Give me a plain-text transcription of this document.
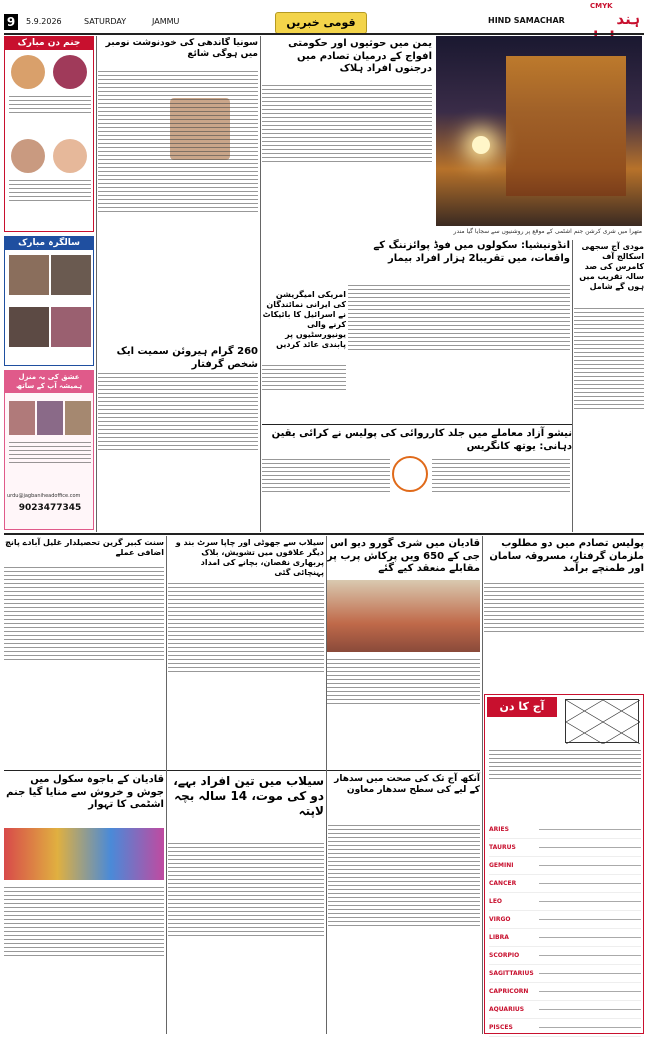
CMYK
9	5.9.2026	SATURDAY	JAMMU	قومی خبریں	HIND SAMACHAR	ہند
جنم دن مبارک
سالگرہ مبارک
عشق کی یہ منزل ہمیشہ آپ کے ساتھ
urdu@jagbaniheadoffice.com
9023477345
سونیا گاندھی کی خودنوشت نومبر میں ہوگی شائع
یمن میں حوثیوں اور حکومتی افواج کے درمیان تصادم میں درجنوں افراد ہلاک
متھرا میں شری کرشن جنم اشٹمی کے موقع پر روشنیوں سے سجایا گیا مندر
مودی آج سجھی اسکالج آف کامرس کی صد سالہ تقریب میں ہوں گے شامل
انڈونیشیا: سکولوں میں فوڈ پوائزننگ کے واقعات، میں تقریبا2 ہزار افراد بیمار
امریکی امیگریشن کی ایرانی نمائندگان نے اسرائیل کا بائیکاٹ کرنے والی یونیورسٹیوں پر پابندی عائد کردیں
260 گرام ہیروئن سمیت ایک شخص گرفتار
نیشو آزاد معاملے میں جلد کارروائی کی پولیس نے کرائی یقین دہانی: یوتھ کانگریس
پولیس تصادم میں دو مطلوب ملزمان گرفتار، مسروقہ سامان اور طمنچے برآمد
آج کا دن
ARIES
TAURUS
GEMINI
CANCER
LEO
VIRGO
LIBRA
SCORPIO
SAGITTARIUS
CAPRICORN
AQUARIUS
PISCES
قادیان میں شری گورو دیو اس جی کے 650 ویں پرکاش پرب پر مقابلے منعقد کیے گئے
سیلاب سے جھوٹی اور چاپا سرٹ بند و دیگر علاقوں میں تشویش، بلاک پربھاری نقصان، بچانے کی امداد پہنچائی گئی
سنت کبیر گرین تحصیلدار غلیل آبادے پانچ اضافی عملے
قادیان کے باجوہ سکول میں جوش و خروش سے منایا گیا جنم اشٹمی کا تہوار
سیلاب میں تین افراد بہے، دو کی موت، 14 سالہ بچہ لاپتہ
آنکھ آج تک کی صحت میں سدھار کے لیے کی سطح سدھار معاون
